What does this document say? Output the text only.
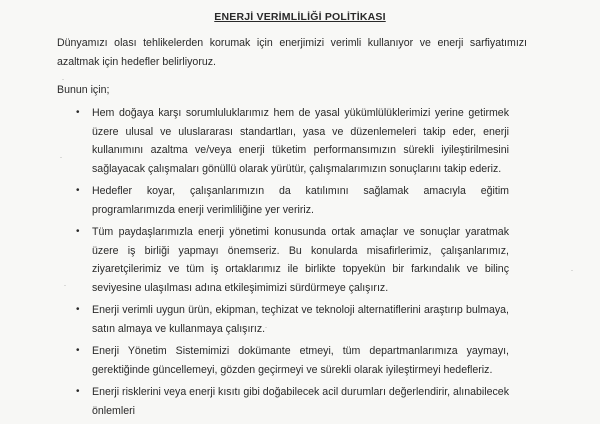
ENERJİ VERİMLİLİĞİ POLİTİKASI
Dünyamızı olası tehlikelerden korumak için enerjimizi verimli kullanıyor ve enerji sarfiyatımızı azaltmak için hedefler belirliyoruz.
Bunun için;
• Hem doğaya karşı sorumluluklarımız hem de yasal yükümlülüklerimizi yerine getirmek üzere ulusal ve uluslararası standartları, yasa ve düzenlemeleri takip eder, enerji kullanımını azaltma ve/veya enerji tüketim performansımızın sürekli iyileştirilmesini sağlayacak çalışmaları gönüllü olarak yürütür, çalışmalarımızın sonuçlarını takip ederiz.
• Hedefler koyar, çalışanlarımızın da katılımını sağlamak amacıyla eğitim programlarımızda enerji verimliliğine yer veririz.
• Tüm paydaşlarımızla enerji yönetimi konusunda ortak amaçlar ve sonuçlar yaratmak üzere iş birliği yapmayı önemseriz. Bu konularda misafirlerimiz, çalışanlarımız, ziyaretçilerimiz ve tüm iş ortaklarımız ile birlikte topyekün bir farkındalık ve bilinç seviyesine ulaşılması adına etkileşimimizi sürdürmeye çalışırız.
• Enerji verimli uygun ürün, ekipman, teçhizat ve teknoloji alternatiflerini araştırıp bulmaya, satın almaya ve kullanmaya çalışırız.
• Enerji Yönetim Sistemimizi dokümante etmeyi, tüm departmanlarımıza yaymayı, gerektiğinde güncellemeyi, gözden geçirmeyi ve sürekli olarak iyileştirmeyi hedefleriz.
• Enerji risklerini veya enerji kısıtı gibi doğabilecek acil durumları değerlendirir, alınabilecek önlemleri
·
·
·
·
·
